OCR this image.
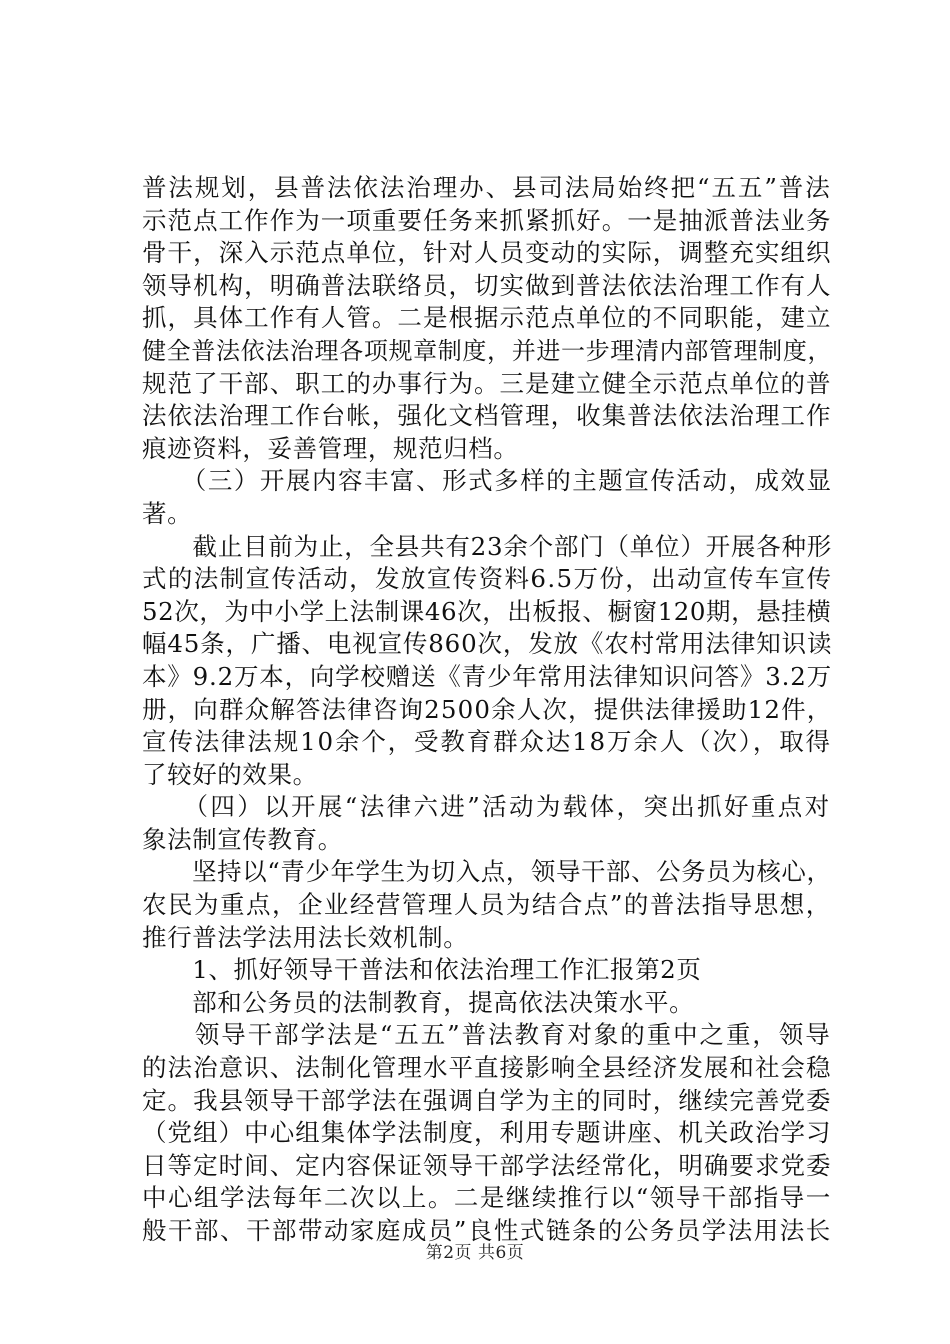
普法规划，县普法依法治理办、县司法局始终把“五五”普法
示范点工作作为一项重要任务来抓紧抓好。一是抽派普法业务
骨干，深入示范点单位，针对人员变动的实际，调整充实组织
领导机构，明确普法联络员，切实做到普法依法治理工作有人
抓，具体工作有人管。二是根据示范点单位的不同职能，建立
健全普法依法治理各项规章制度，并进一步理清内部管理制度，
规范了干部、职工的办事行为。三是建立健全示范点单位的普
法依法治理工作台帐，强化文档管理，收集普法依法治理工作
痕迹资料，妥善管理，规范归档。
　　（三）开展内容丰富、形式多样的主题宣传活动，成效显
著。
　　截止目前为止，全县共有23余个部门（单位）开展各种形
式的法制宣传活动，发放宣传资料6.5万份，出动宣传车宣传
52次，为中小学上法制课46次，出板报、橱窗120期，悬挂横
幅45条，广播、电视宣传860次，发放《农村常用法律知识读
本》9.2万本，向学校赠送《青少年常用法律知识问答》3.2万
册，向群众解答法律咨询2500余人次，提供法律援助12件，
宣传法律法规10余个，受教育群众达18万余人（次），取得
了较好的效果。
　　（四）以开展“法律六进”活动为载体，突出抓好重点对
象法制宣传教育。
　　坚持以“青少年学生为切入点，领导干部、公务员为核心，
农民为重点，企业经营管理人员为结合点”的普法指导思想，
推行普法学法用法长效机制。
　　1、抓好领导干普法和依法治理工作汇报第2页
　　部和公务员的法制教育，提高依法决策水平。
　　领导干部学法是“五五”普法教育对象的重中之重，领导
的法治意识、法制化管理水平直接影响全县经济发展和社会稳
定。我县领导干部学法在强调自学为主的同时，继续完善党委
（党组）中心组集体学法制度，利用专题讲座、机关政治学习
日等定时间、定内容保证领导干部学法经常化，明确要求党委
中心组学法每年二次以上。二是继续推行以“领导干部指导一
般干部、干部带动家庭成员”良性式链条的公务员学法用法长
第2页 共6页
